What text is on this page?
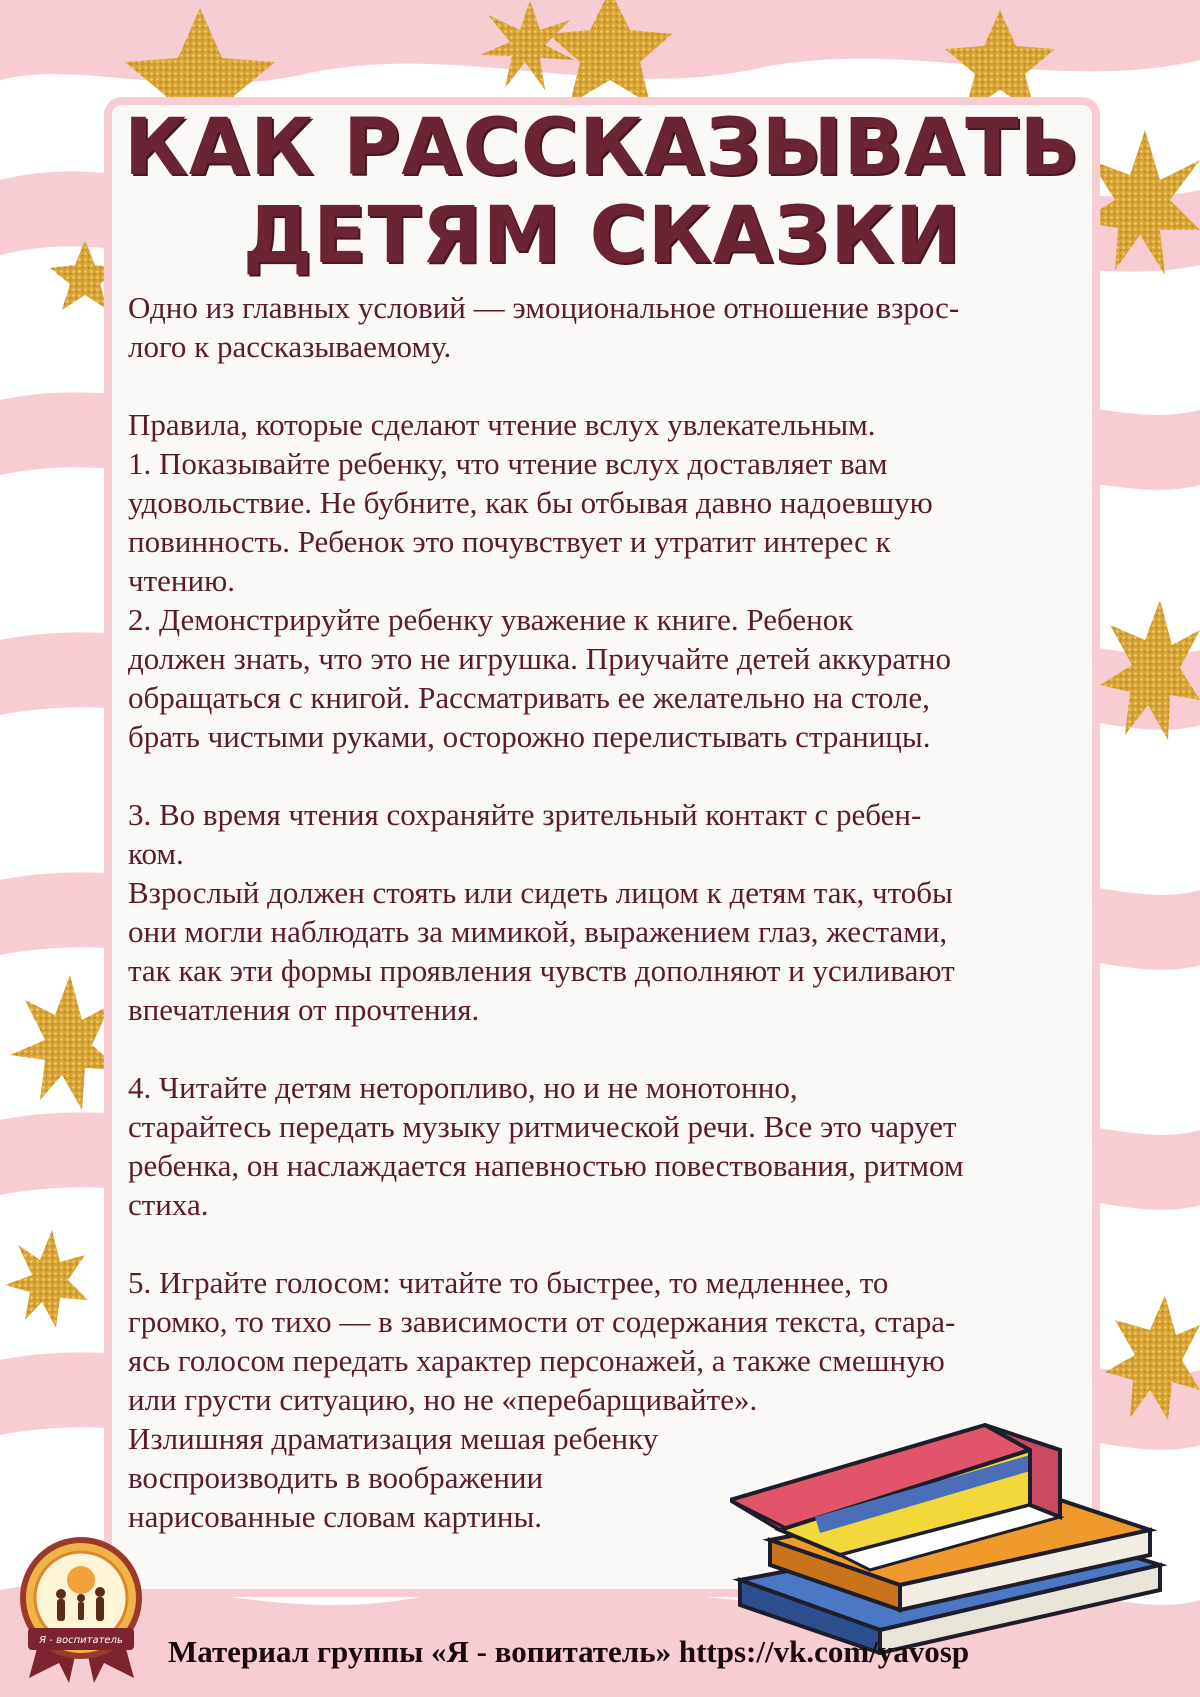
КАК РАССКАЗЫВАТЬ
ДЕТЯМ СКАЗКИ

Одно из главных условий — эмоциональное отношение взрос-

лого к рассказываемому.

Правила, которые сделают чтение вслух увлекательным.

1. Показывайте ребенку, что чтение вслух доставляет вам

удовольствие. Не бубните, как бы отбывая давно надоевшую

повинность. Ребенок это почувствует и утратит интерес к

чтению.

2. Демонстрируйте ребенку уважение к книге. Ребенок

должен знать, что это не игрушка. Приучайте детей аккуратно

обращаться с книгой. Рассматривать ее желательно на столе,

брать чистыми руками, осторожно перелистывать страницы.

3. Во время чтения сохраняйте зрительный контакт с ребен-

ком.

Взрослый должен стоять или сидеть лицом к детям так, чтобы

они могли наблюдать за мимикой, выражением глаз, жестами,

так как эти формы проявления чувств дополняют и усиливают

впечатления от прочтения.

4. Читайте детям неторопливо, но и не монотонно,

старайтесь передать музыку ритмической речи. Все это чарует

ребенка, он наслаждается напевностью повествования, ритмом

стиха.

5. Играйте голосом: читайте то быстрее, то медленнее, то

громко, то тихо — в зависимости от содержания текста, стара-

ясь голосом передать характер персонажей, а также смешную

или грусти ситуацию, но не «перебарщивайте».

Излишняя драматизация мешая ребенку

воспроизводить в воображении

нарисованные словам картины.

Я - воспитатель Материал группы «Я - вопитатель» https://vk.com/yavosp
